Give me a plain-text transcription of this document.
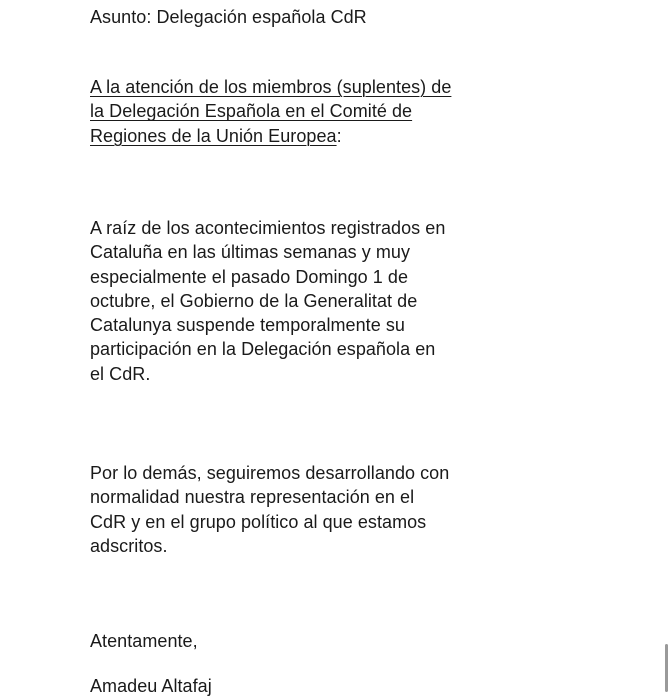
Asunto: Delegación española CdR
A la atención de los miembros (suplentes) de
la Delegación Española en el Comité de
Regiones de la Unión Europea:
A raíz de los acontecimientos registrados en
Cataluña en las últimas semanas y muy
especialmente el pasado Domingo 1 de
octubre, el Gobierno de la Generalitat de
Catalunya suspende temporalmente su
participación en la Delegación española en
el CdR.
Por lo demás, seguiremos desarrollando con
normalidad nuestra representación en el
CdR y en el grupo político al que estamos
adscritos.
Atentamente,
Amadeu Altafaj
